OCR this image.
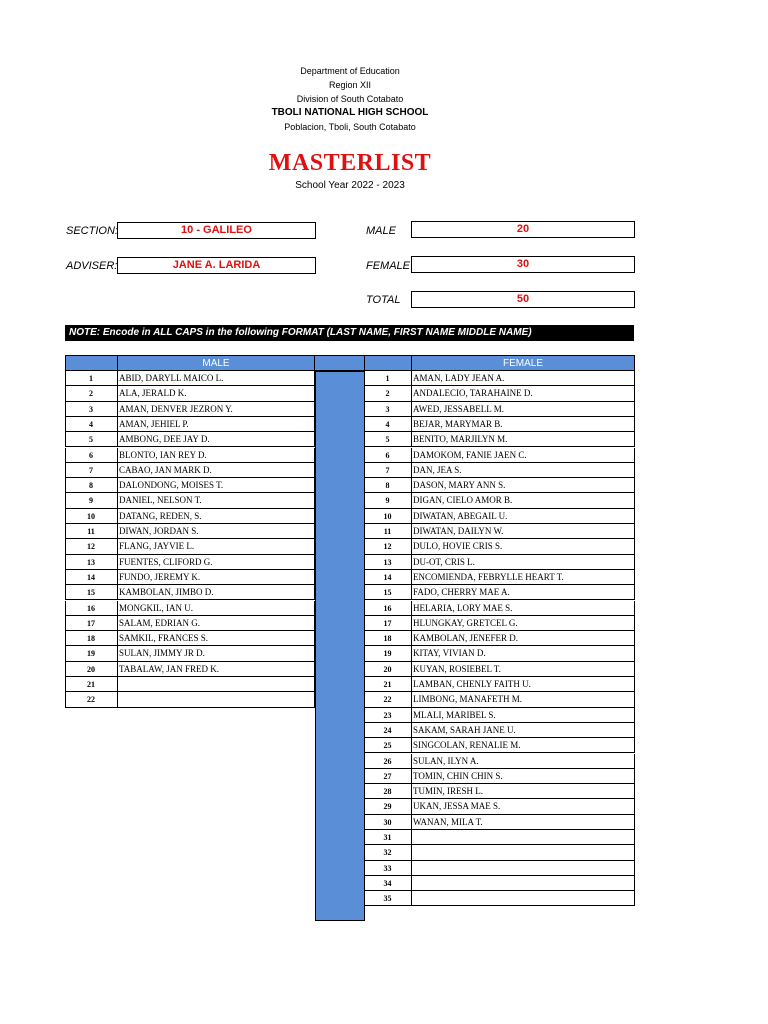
Department of Education
Region XII
Division of South Cotabato
TBOLI NATIONAL HIGH SCHOOL
Poblacion, Tboli, South Cotabato
MASTERLIST
School Year 2022 - 2023
SECTION:	10 - GALILEO
ADVISER:	JANE A. LARIDA
MALE	20
FEMALE	30
TOTAL	50
NOTE: Encode in ALL CAPS in the following FORMAT (LAST NAME, FIRST NAME MIDDLE NAME)
MALE	FEMALE
1	ABID, DARYLL MAICO L.
2	ALA, JERALD K.
3	AMAN, DENVER JEZRON Y.
4	AMAN, JEHIEL P.
5	AMBONG, DEE JAY D.
6	BLONTO, IAN REY D.
7	CABAO, JAN MARK D.
8	DALONDONG, MOISES T.
9	DANIEL, NELSON T.
10	DATANG, REDEN, S.
11	DIWAN, JORDAN S.
12	FLANG, JAYVIE L.
13	FUENTES, CLIFORD G.
14	FUNDO, JEREMY K.
15	KAMBOLAN, JIMBO D.
16	MONGKIL, IAN U.
17	SALAM, EDRIAN G.
18	SAMKIL, FRANCES S.
19	SULAN, JIMMY JR D.
20	TABALAW, JAN FRED K.
21
22
1	AMAN, LADY JEAN A.
2	ANDALECIO, TARAHAINE D.
3	AWED, JESSABELL M.
4	BEJAR, MARYMAR B.
5	BENITO, MARJILYN M.
6	DAMOKOM, FANIE JAEN C.
7	DAN, JEA S.
8	DASON, MARY ANN S.
9	DIGAN, CIELO AMOR B.
10	DIWATAN, ABEGAIL U.
11	DIWATAN, DAILYN W.
12	DULO, HOVIE CRIS S.
13	DU-OT, CRIS L.
14	ENCOMIENDA, FEBRYLLE HEART T.
15	FADO, CHERRY MAE A.
16	HELARIA, LORY MAE S.
17	HLUNGKAY, GRETCEL G.
18	KAMBOLAN, JENEFER D.
19	KITAY, VIVIAN D.
20	KUYAN, ROSIEBEL T.
21	LAMBAN, CHENLY FAITH U.
22	LIMBONG, MANAFETH M.
23	MLALI, MARIBEL S.
24	SAKAM, SARAH JANE U.
25	SINGCOLAN, RENALIE M.
26	SULAN, ILYN A.
27	TOMIN, CHIN CHIN S.
28	TUMIN, IRESH L.
29	UKAN, JESSA MAE S.
30	WANAN, MILA T.
31
32
33
34
35
